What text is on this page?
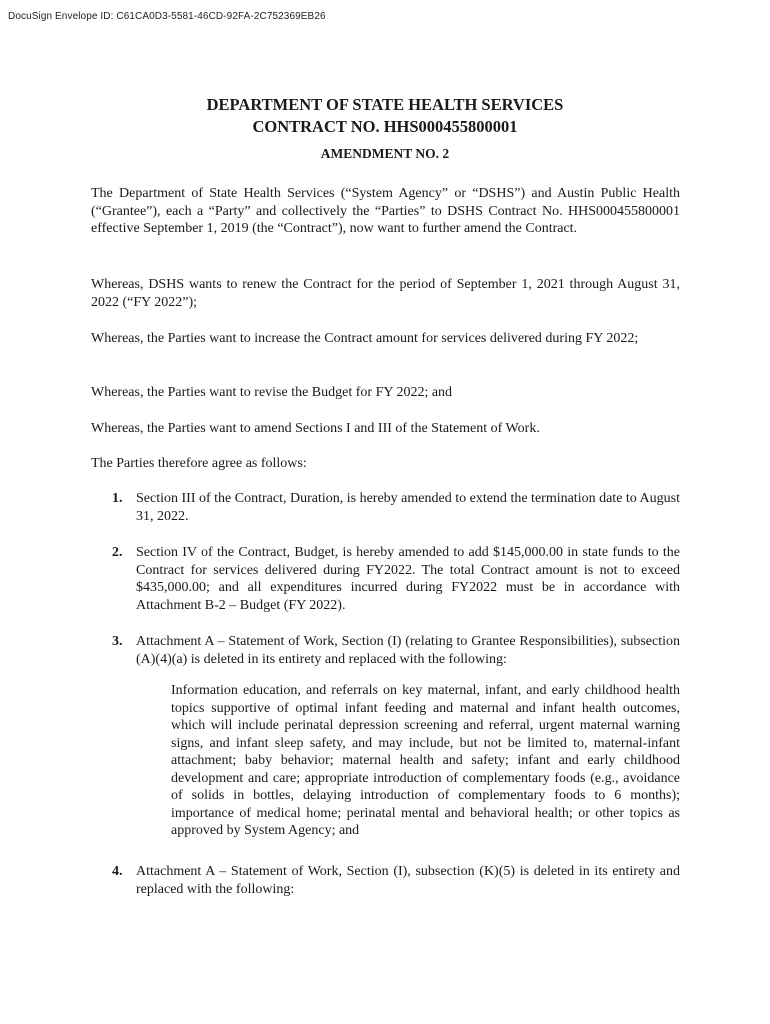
DocuSign Envelope ID: C61CA0D3-5581-46CD-92FA-2C752369EB26
DEPARTMENT OF STATE HEALTH SERVICES
CONTRACT NO. HHS000455800001
AMENDMENT NO. 2

The Department of State Health Services (“System Agency” or “DSHS”) and Austin Public Health (“Grantee”), each a “Party” and collectively the “Parties” to DSHS Contract No. HHS000455800001 effective September 1, 2019 (the “Contract”), now want to further amend the Contract.

Whereas, DSHS wants to renew the Contract for the period of September 1, 2021 through August 31, 2022 (“FY 2022”);

Whereas, the Parties want to increase the Contract amount for services delivered during FY 2022;

Whereas, the Parties want to revise the Budget for FY 2022; and

Whereas, the Parties want to amend Sections I and III of the Statement of Work.

The Parties therefore agree as follows:

1. Section III of the Contract, Duration, is hereby amended to extend the termination date to August 31, 2022.
2. Section IV of the Contract, Budget, is hereby amended to add $145,000.00 in state funds to the Contract for services delivered during FY2022. The total Contract amount is not to exceed $435,000.00; and all expenditures incurred during FY2022 must be in accordance with Attachment B-2 – Budget (FY 2022).
3. Attachment A – Statement of Work, Section (I) (relating to Grantee Responsibilities), subsection (A)(4)(a) is deleted in its entirety and replaced with the following:

Information education, and referrals on key maternal, infant, and early childhood health topics supportive of optimal infant feeding and maternal and infant health outcomes, which will include perinatal depression screening and referral, urgent maternal warning signs, and infant sleep safety, and may include, but not be limited to, maternal-infant attachment; baby behavior; maternal health and safety; infant and early childhood development and care; appropriate introduction of complementary foods (e.g., avoidance of solids in bottles, delaying introduction of complementary foods to 6 months); importance of medical home; perinatal mental and behavioral health; or other topics as approved by System Agency; and

4. Attachment A – Statement of Work, Section (I), subsection (K)(5) is deleted in its entirety and replaced with the following:
